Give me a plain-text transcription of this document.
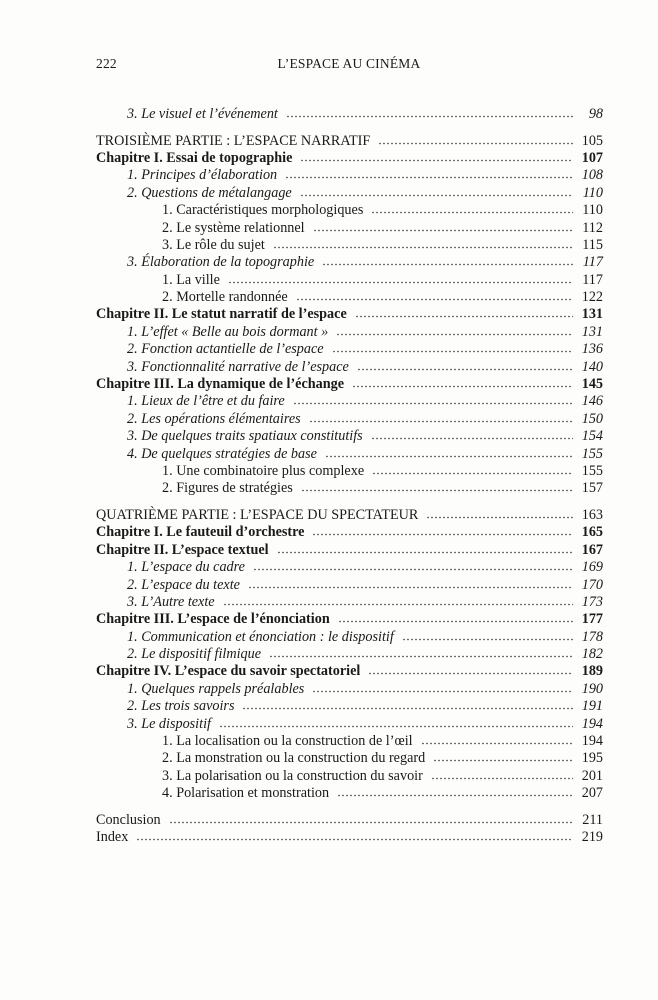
222	L’ESPACE AU CINÉMA
3. Le visuel et l’événement	98
TROISIÈME PARTIE : L’ESPACE NARRATIF	105
Chapitre I. Essai de topographie	107
1. Principes d’élaboration	108
2. Questions de métalangage	110
1. Caractéristiques morphologiques	110
2. Le système relationnel	112
3. Le rôle du sujet	115
3. Élaboration de la topographie	117
1. La ville	117
2. Mortelle randonnée	122
Chapitre II. Le statut narratif de l’espace	131
1. L’effet « Belle au bois dormant »	131
2. Fonction actantielle de l’espace	136
3. Fonctionnalité narrative de l’espace	140
Chapitre III. La dynamique de l’échange	145
1. Lieux de l’être et du faire	146
2. Les opérations élémentaires	150
3. De quelques traits spatiaux constitutifs	154
4. De quelques stratégies de base	155
1. Une combinatoire plus complexe	155
2. Figures de stratégies	157
QUATRIÈME PARTIE : L’ESPACE DU SPECTATEUR	163
Chapitre I. Le fauteuil d’orchestre	165
Chapitre II. L’espace textuel	167
1. L’espace du cadre	169
2. L’espace du texte	170
3. L’Autre texte	173
Chapitre III. L’espace de l’énonciation	177
1. Communication et énonciation : le dispositif	178
2. Le dispositif filmique	182
Chapitre IV. L’espace du savoir spectatoriel	189
1. Quelques rappels préalables	190
2. Les trois savoirs	191
3. Le dispositif	194
1. La localisation ou la construction de l’œil	194
2. La monstration ou la construction du regard	195
3. La polarisation ou la construction du savoir	201
4. Polarisation et monstration	207
Conclusion	211
Index	219
